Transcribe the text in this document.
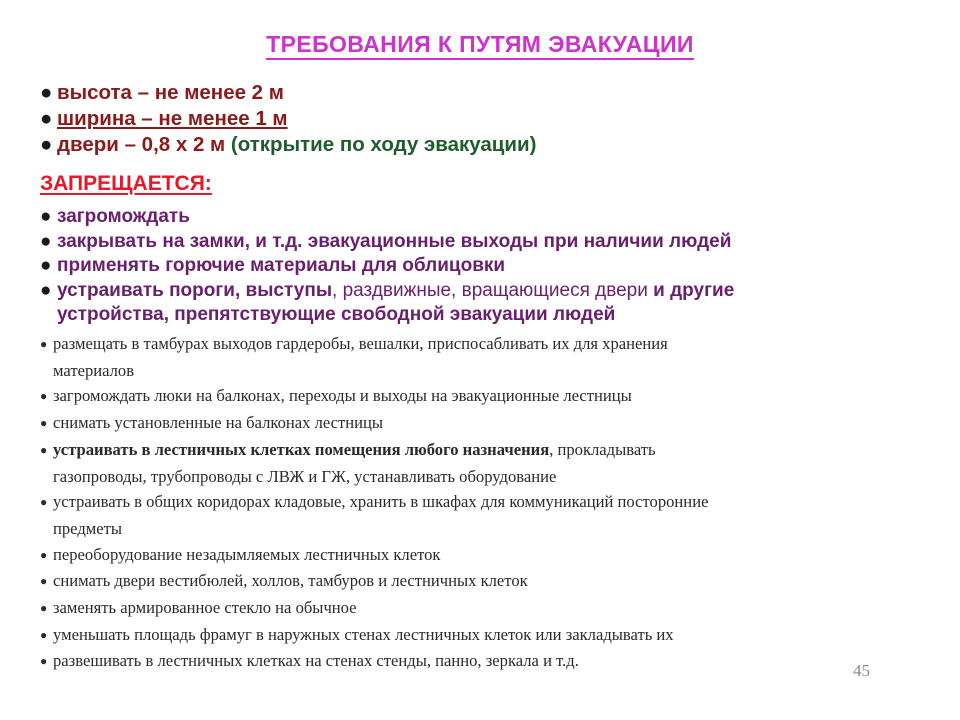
ТРЕБОВАНИЯ К ПУТЯМ ЭВАКУАЦИИ
● высота – не менее 2 м
● ширина – не менее 1 м
● двери – 0,8 х 2 м (открытие по ходу эвакуации)
ЗАПРЕЩАЕТСЯ:
● загромождать
● закрывать на замки, и т.д. эвакуационные выходы при наличии людей
● применять горючие материалы для облицовки
● устраивать пороги, выступы, раздвижные, вращающиеся двери и другие
устройства, препятствующие свободной эвакуации людей
● размещать в тамбурах выходов гардеробы, вешалки, приспосабливать их для хранения
материалов
● загромождать люки на балконах, переходы и выходы на эвакуационные лестницы
● снимать установленные на балконах лестницы
● устраивать в лестничных клетках помещения любого назначения, прокладывать
газопроводы, трубопроводы с ЛВЖ и ГЖ, устанавливать оборудование
● устраивать в общих коридорах кладовые, хранить в шкафах для коммуникаций посторонние
предметы
● переоборудование незадымляемых лестничных клеток
● снимать двери вестибюлей, холлов, тамбуров и лестничных клеток
● заменять армированное стекло на обычное
● уменьшать площадь фрамуг в наружных стенах лестничных клеток или закладывать их
● развешивать в лестничных клетках на стенах стенды, панно, зеркала и т.д.
45
